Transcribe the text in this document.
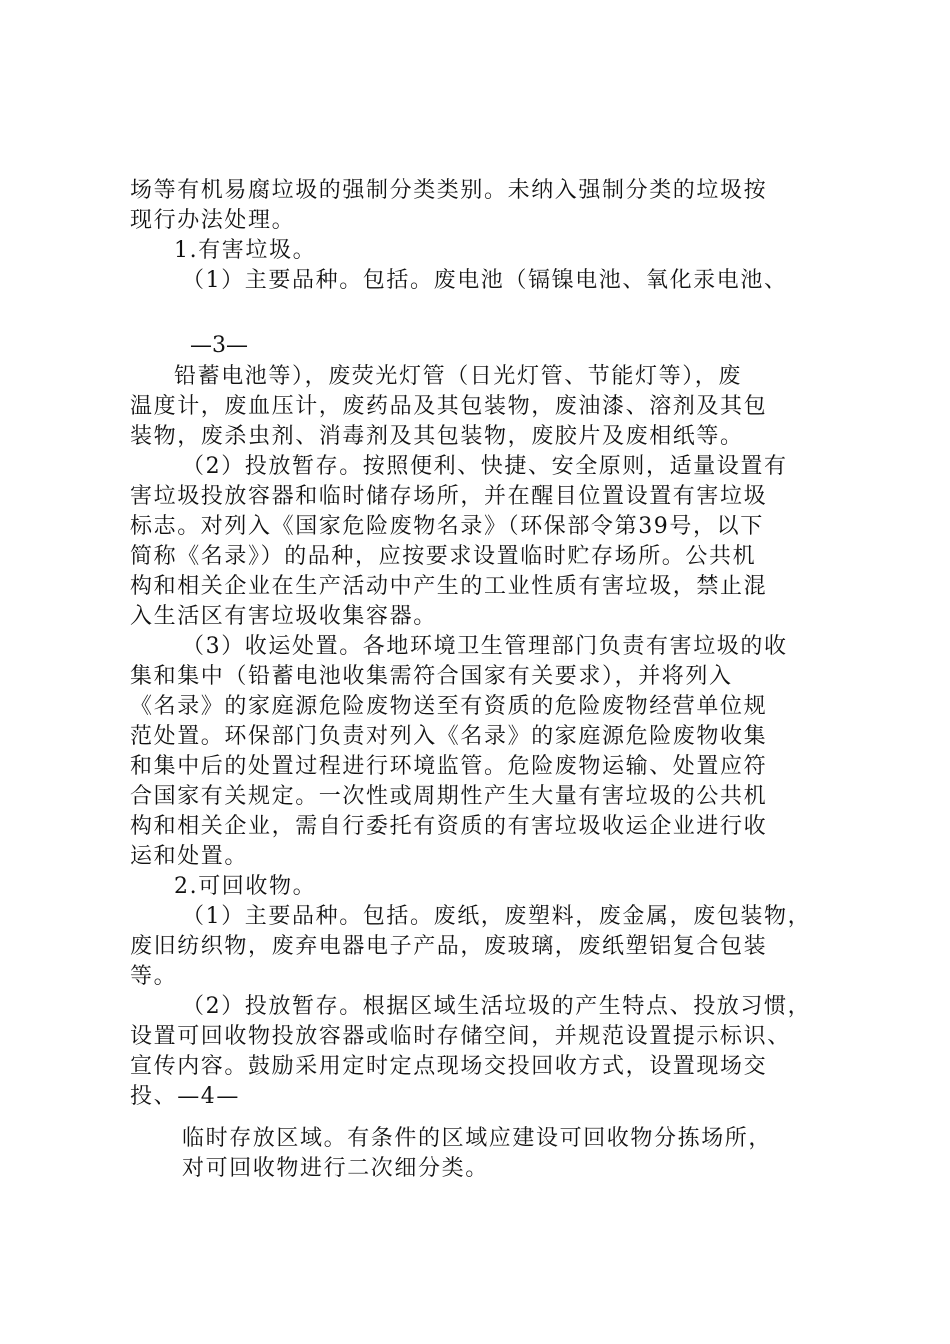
场等有机易腐垃圾的强制分类类别。未纳入强制分类的垃圾按
现行办法处理。
1.有害垃圾。
（1）主要品种。包括。废电池（镉镍电池、氧化汞电池、
—3—
铅蓄电池等），废荧光灯管（日光灯管、节能灯等），废
温度计，废血压计，废药品及其包装物，废油漆、溶剂及其包
装物，废杀虫剂、消毒剂及其包装物，废胶片及废相纸等。
（2）投放暂存。按照便利、快捷、安全原则，适量设置有
害垃圾投放容器和临时储存场所，并在醒目位置设置有害垃圾
标志。对列入《国家危险废物名录》（环保部令第39号，以下
简称《名录》）的品种，应按要求设置临时贮存场所。公共机
构和相关企业在生产活动中产生的工业性质有害垃圾，禁止混
入生活区有害垃圾收集容器。
（3）收运处置。各地环境卫生管理部门负责有害垃圾的收
集和集中（铅蓄电池收集需符合国家有关要求），并将列入
《名录》的家庭源危险废物送至有资质的危险废物经营单位规
范处置。环保部门负责对列入《名录》的家庭源危险废物收集
和集中后的处置过程进行环境监管。危险废物运输、处置应符
合国家有关规定。一次性或周期性产生大量有害垃圾的公共机
构和相关企业，需自行委托有资质的有害垃圾收运企业进行收
运和处置。
2.可回收物。
（1）主要品种。包括。废纸，废塑料，废金属，废包装物，
废旧纺织物，废弃电器电子产品，废玻璃，废纸塑铝复合包装
等。
（2）投放暂存。根据区域生活垃圾的产生特点、投放习惯，
设置可回收物投放容器或临时存储空间，并规范设置提示标识、
宣传内容。鼓励采用定时定点现场交投回收方式，设置现场交
投、—4—
临时存放区域。有条件的区域应建设可回收物分拣场所，
对可回收物进行二次细分类。
